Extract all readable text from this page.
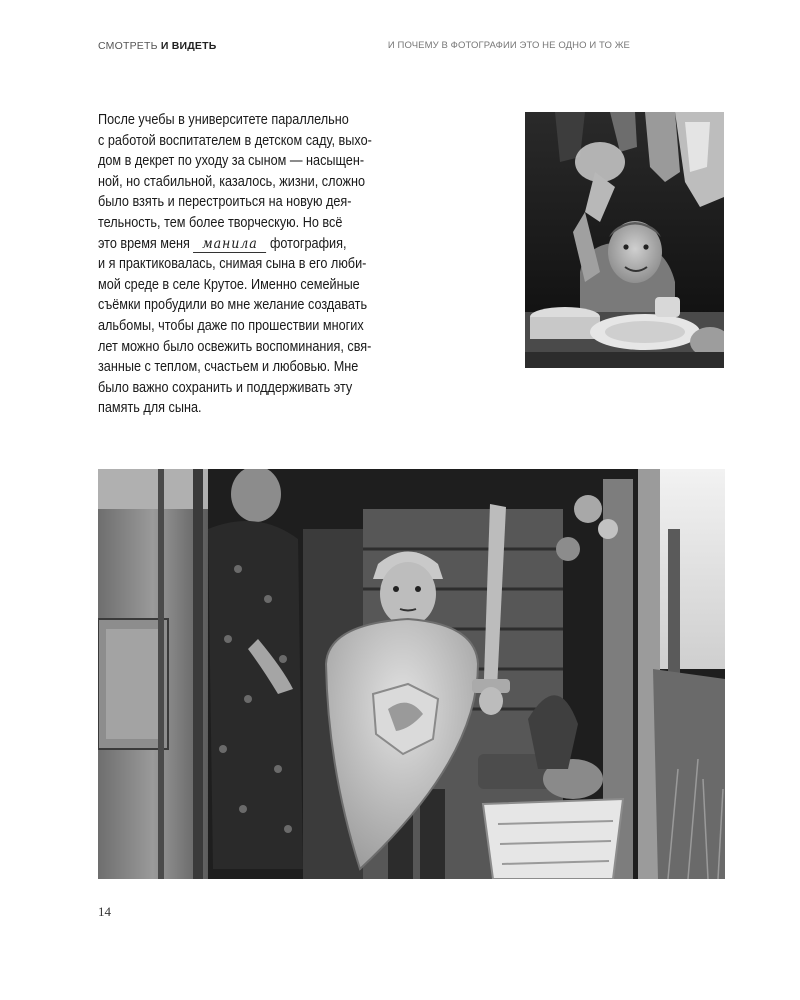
СМОТРЕТЬ И ВИДЕТЬ	И ПОЧЕМУ В ФОТОГРАФИИ ЭТО НЕ ОДНО И ТО ЖЕ
После учебы в университете параллельно
с работой воспитателем в детском саду, выхо-
дом в декрет по уходу за сыном — насыщен-
ной, но стабильной, казалось, жизни, сложно
было взять и перестроиться на новую дея-
тельность, тем более творческую. Но всё
это время меня манила фотография,
и я практиковалась, снимая сына в его люби-
мой среде в селе Крутое. Именно семейные
съёмки пробудили во мне желание создавать
альбомы, чтобы даже по прошествии многих
лет можно было освежить воспоминания, свя-
занные с теплом, счастьем и любовью. Мне
было важно сохранить и поддерживать эту
память для сына.
14
